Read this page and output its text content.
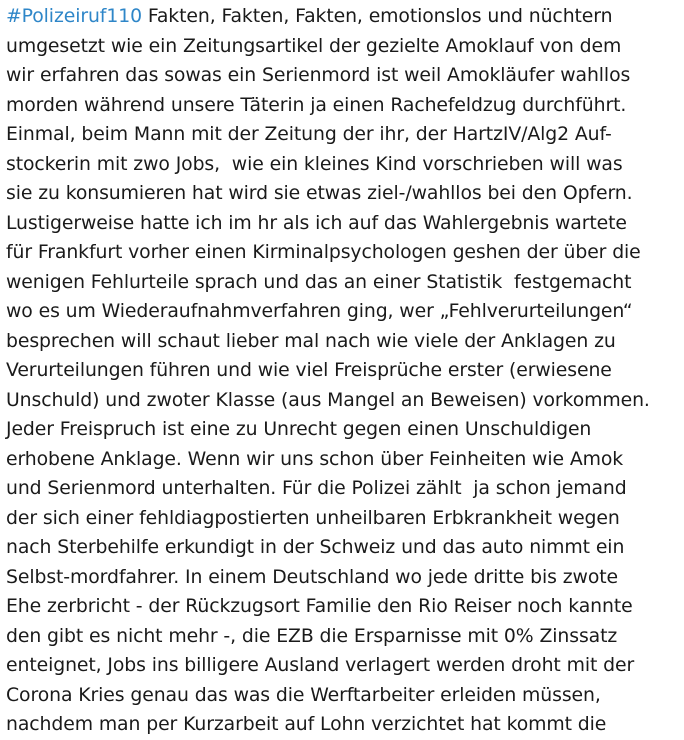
#Polizeiruf110 Fakten, Fakten, Fakten, emotionslos und nüchtern

umgesetzt wie ein Zeitungsartikel der gezielte Amoklauf von dem

wir erfahren das sowas ein Serienmord ist weil Amokläufer wahllos

morden während unsere Täterin ja einen Rachefeldzug durchführt.

Einmal, beim Mann mit der Zeitung der ihr, der HartzIV/Alg2 Auf-

stockerin mit zwo Jobs,  wie ein kleines Kind vorschrieben will was

sie zu konsumieren hat wird sie etwas ziel-/wahllos bei den Opfern.

Lustigerweise hatte ich im hr als ich auf das Wahlergebnis wartete

für Frankfurt vorher einen Kirminalpsychologen geshen der über die

wenigen Fehlurteile sprach und das an einer Statistik  festgemacht

wo es um Wiederaufnahmverfahren ging, wer „Fehlverurteilungen“

besprechen will schaut lieber mal nach wie viele der Anklagen zu

Verurteilungen führen und wie viel Freisprüche erster (erwiesene

Unschuld) und zwoter Klasse (aus Mangel an Beweisen) vorkommen.

Jeder Freispruch ist eine zu Unrecht gegen einen Unschuldigen

erhobene Anklage. Wenn wir uns schon über Feinheiten wie Amok

und Serienmord unterhalten. Für die Polizei zählt  ja schon jemand

der sich einer fehldiagpostierten unheilbaren Erbkrankheit wegen

nach Sterbehilfe erkundigt in der Schweiz und das auto nimmt ein

Selbst-mordfahrer. In einem Deutschland wo jede dritte bis zwote

Ehe zerbricht - der Rückzugsort Familie den Rio Reiser noch kannte

den gibt es nicht mehr -, die EZB die Ersparnisse mit 0% Zinssatz

enteignet, Jobs ins billigere Ausland verlagert werden droht mit der

Corona Kries genau das was die Werftarbeiter erleiden müssen,

nachdem man per Kurzarbeit auf Lohn verzichtet hat kommt die
